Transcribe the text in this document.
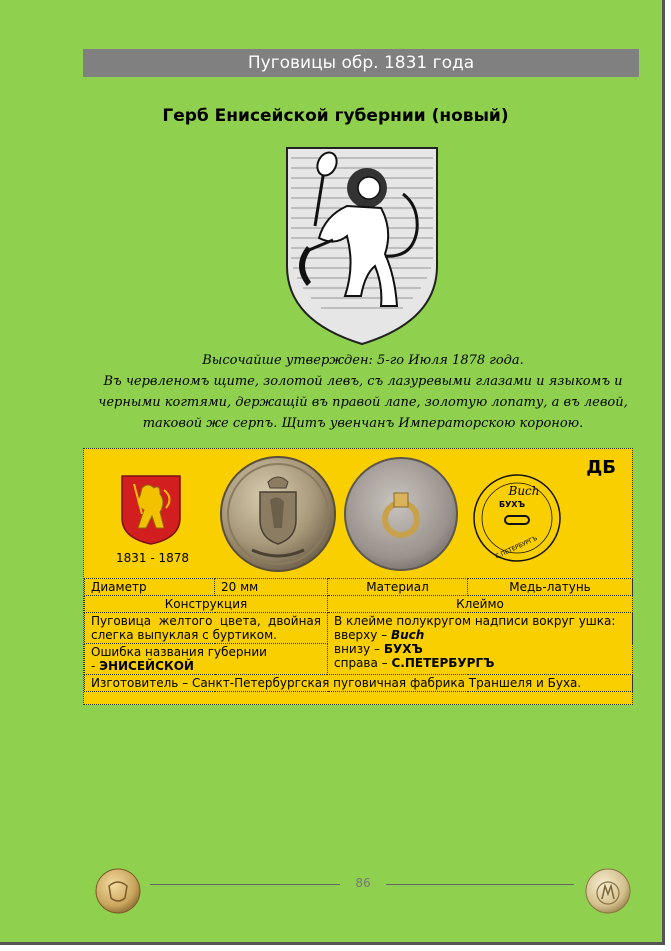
Пуговицы обр. 1831 года
Герб Енисейской губернии (новый)
Высочайше утвержден: 5-го Июля 1878 года.
Въ червленомъ щите, золотой левъ, съ лазуревыми глазами и языкомъ и
черными когтями, держащій въ правой лапе, золотую лопату, а въ левой,
таковой же серпъ. Щитъ увенчанъ Императорскою короною.
1831 - 1878
Buch
БУХЪ
С.ПЕТЕРБУРГЪ
ДБ
Диаметр	20 мм	Материал	Медь-латунь
Конструкция		Клеймо	
Пуговица желтого цвета, двойная слегка выпуклая с буртиком.		В клейме полукругом надписи вокруг ушка:
вверху – Buch
внизу – БУХЪ
справа – С.ПЕТЕРБУРГЪ	

Ошибка названия губернии
- ЭНИСЕЙСКОЙ			

Изготовитель – Санкт-Петербургская пуговичная фабрика Траншеля и Буха.			
86
